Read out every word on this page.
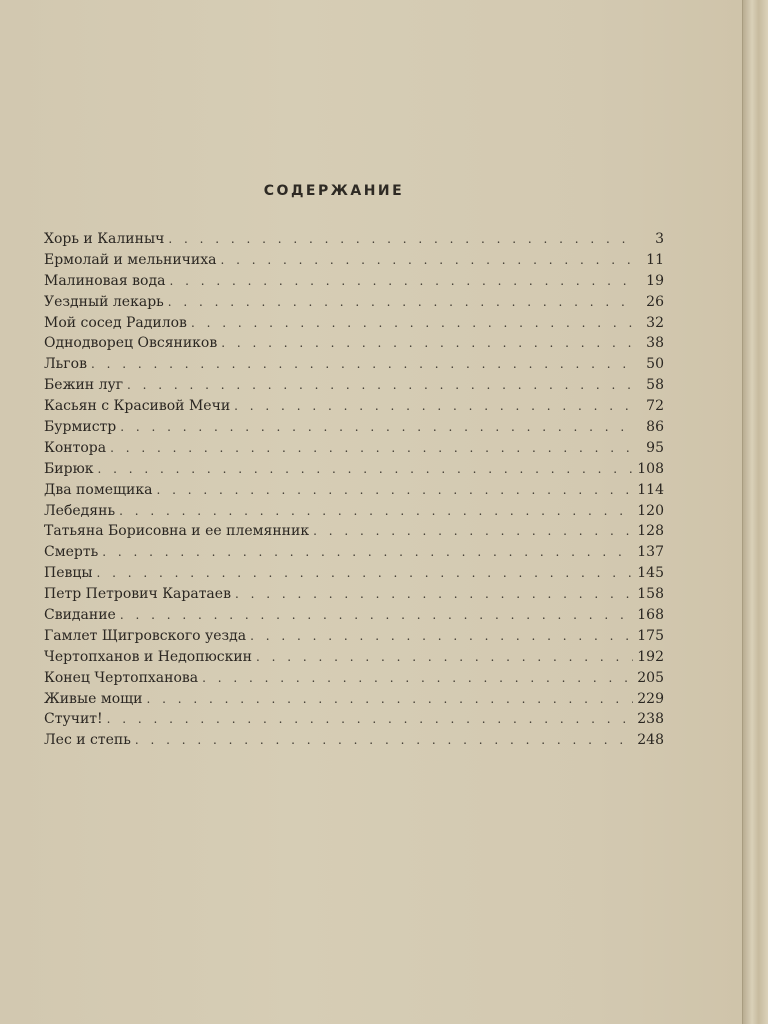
СОДЕРЖАНИЕ
Хорь и Калиныч . . .	3
Ермолай и мельничиха . . .	11
Малиновая вода . . .	19
Уездный лекарь . . .	26
Мой сосед Радилов . . .	32
Однодворец Овсяников . . .	38
Льгов . . .	50
Бежин луг . . .	58
Касьян с Красивой Мечи . . .	72
Бурмистр . . .	86
Контора . . .	95
Бирюк . . .	108
Два помещика . . .	114
Лебедянь . . .	120
Татьяна Борисовна и ее племянник . . .	128
Смерть . . .	137
Певцы . . .	145
Петр Петрович Каратаев . . .	158
Свидание . . .	168
Гамлет Щигровского уезда . . .	175
Чертопханов и Недопюскин . . .	192
Конец Чертопханова . . .	205
Живые мощи . . .	229
Стучит! . . .	238
Лес и степь . . .	248
